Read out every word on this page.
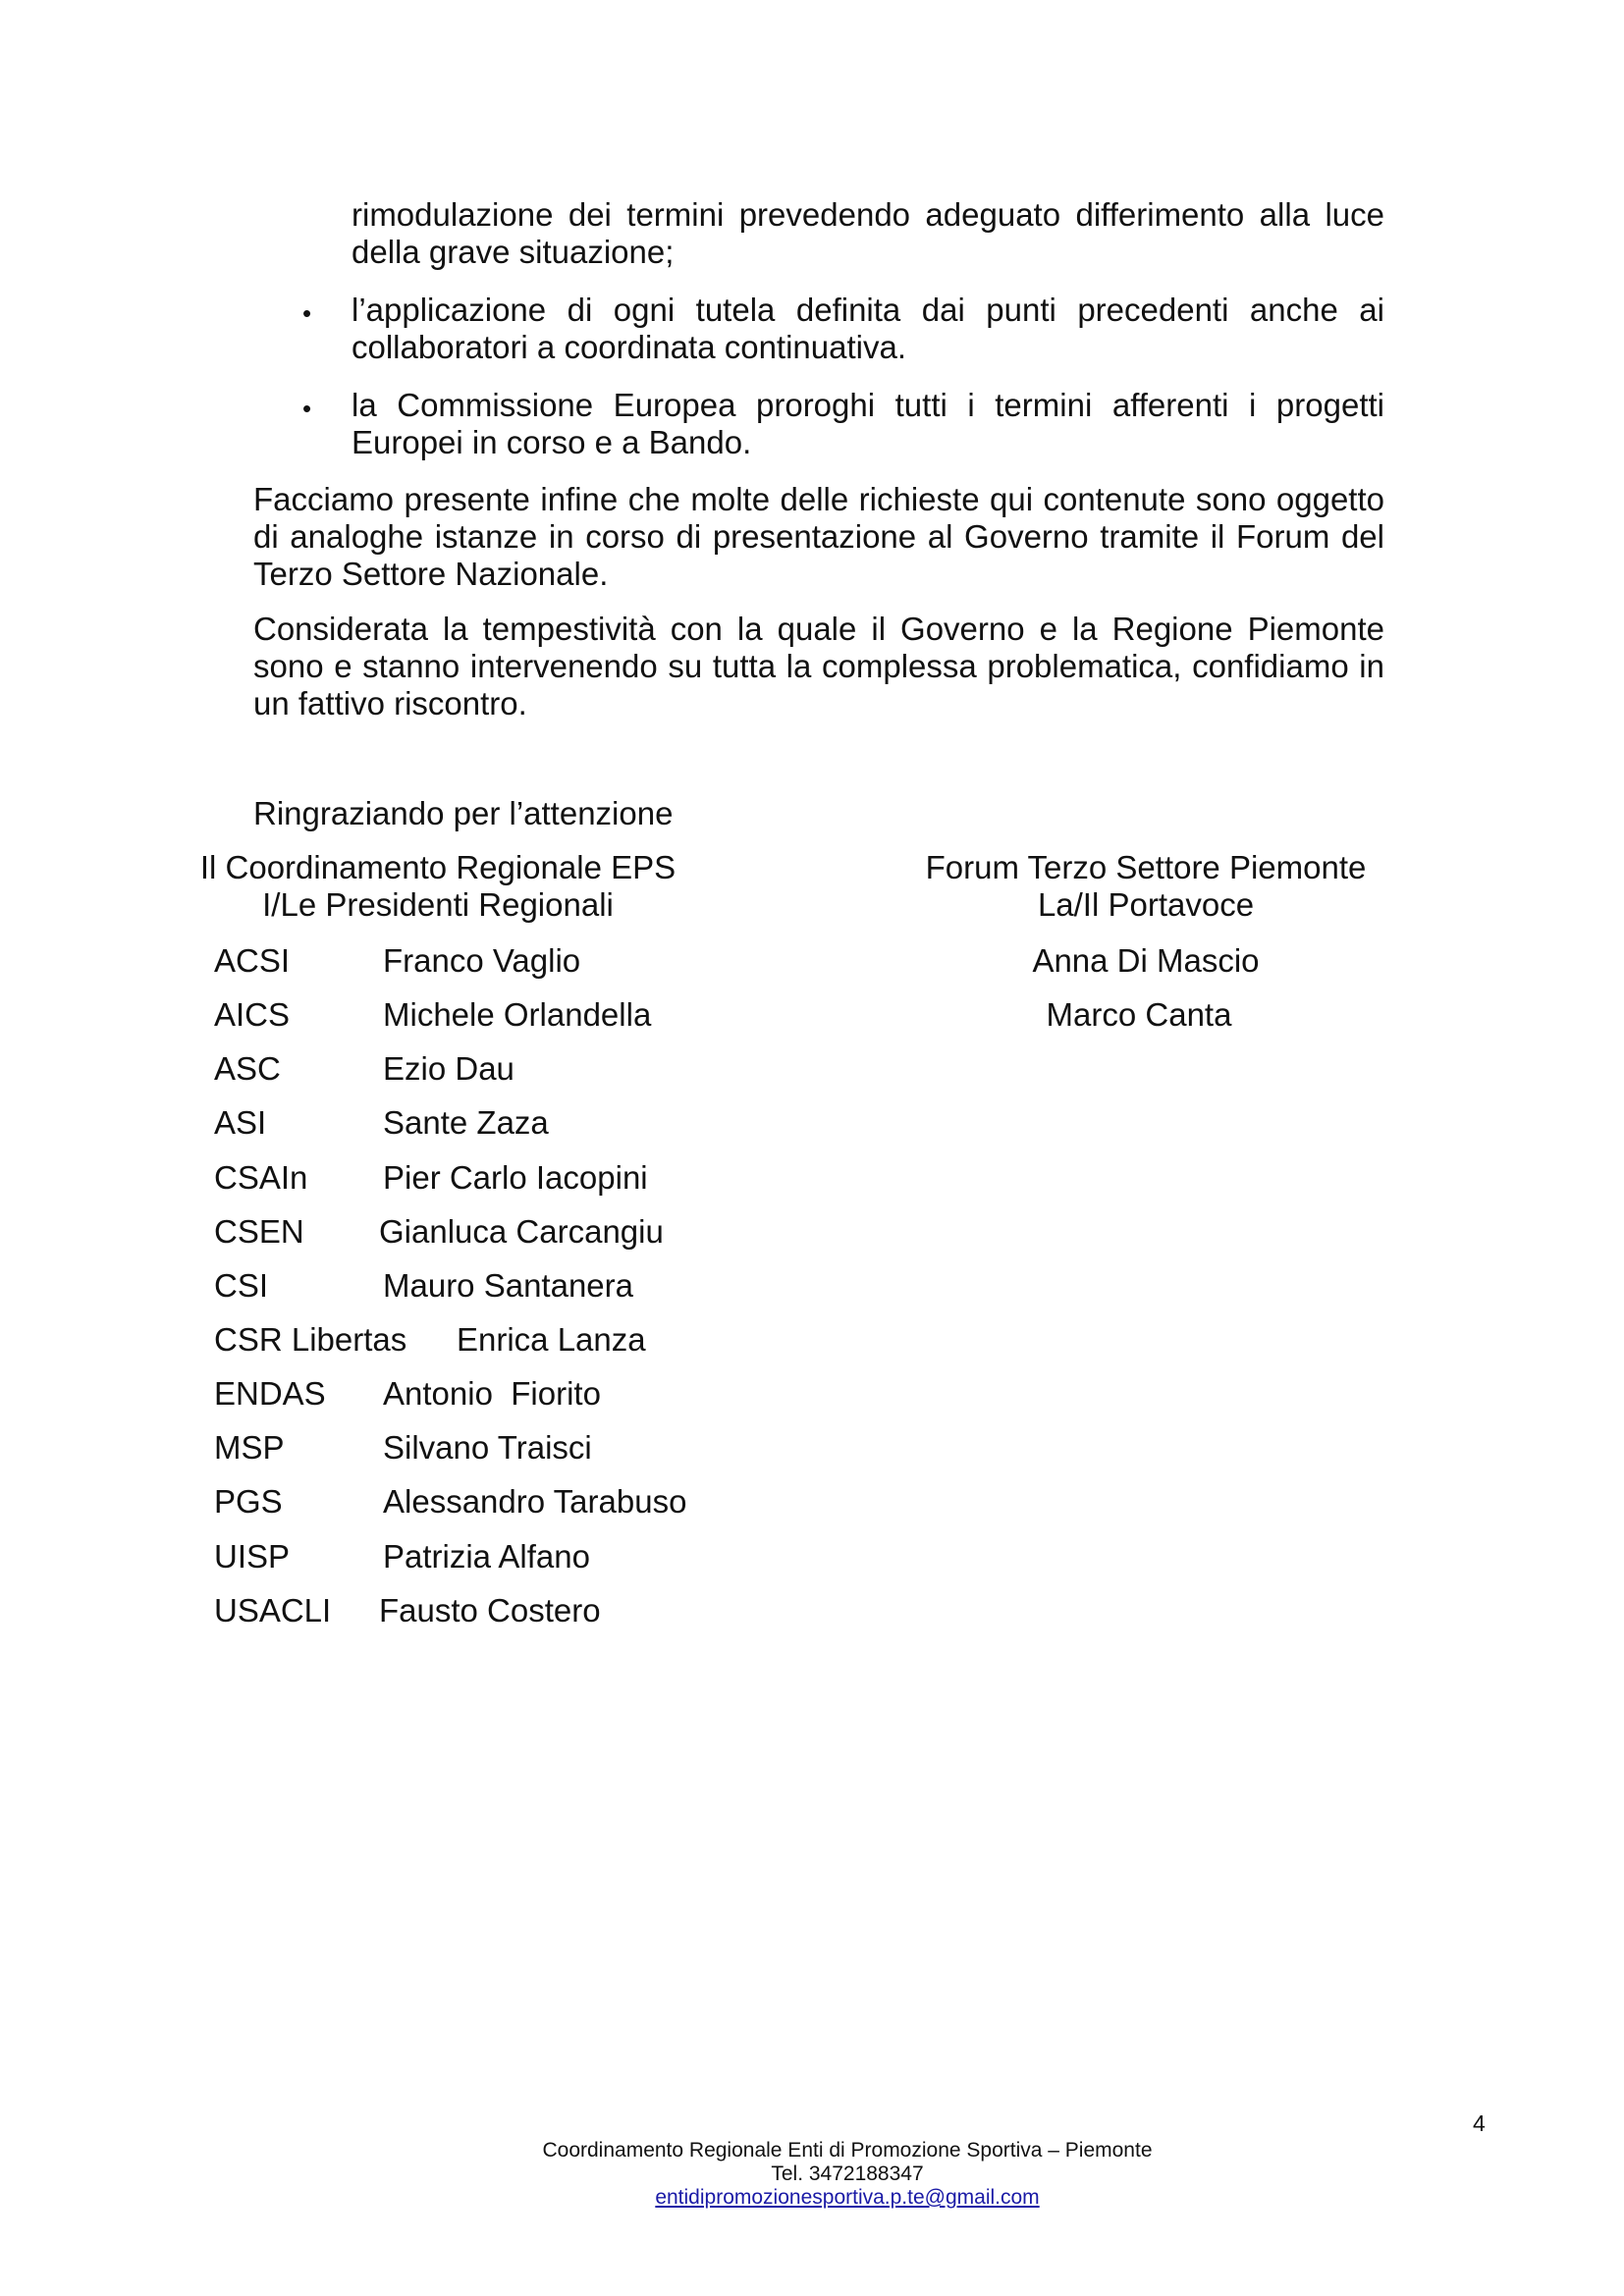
rimodulazione dei termini prevedendo adeguato differimento alla luce della grave situazione;
• l’applicazione di ogni tutela definita dai punti precedenti anche ai collaboratori a coordinata continuativa.
• la Commissione Europea proroghi tutti i termini afferenti i progetti Europei in corso e a Bando.
Facciamo presente infine che molte delle richieste qui contenute sono oggetto di analoghe istanze in corso di presentazione al Governo tramite il Forum del Terzo Settore Nazionale.
Considerata la tempestività con la quale il Governo e la Regione Piemonte sono e stanno intervenendo su tutta la complessa problematica, confidiamo in un fattivo riscontro.
Ringraziando per l’attenzione
Il Coordinamento Regionale EPS
I/Le Presidenti Regionali
ACSI	Franco Vaglio
AICS	Michele Orlandella
ASC	Ezio Dau
ASI	Sante Zaza
CSAIn Pier Carlo Iacopini
CSEN Gianluca Carcangiu
CSI	Mauro Santanera
CSR Libertas Enrica Lanza
ENDAS Antonio  Fiorito
MSP	Silvano Traisci
PGS	Alessandro Tarabuso
UISP	Patrizia Alfano
USACLI Fausto Costero
Forum Terzo Settore Piemonte
La/Il Portavoce
Anna Di Mascio
Marco Canta
4
Coordinamento Regionale Enti di Promozione Sportiva – Piemonte
Tel. 3472188347
entidipromozionesportiva.p.te@gmail.com
